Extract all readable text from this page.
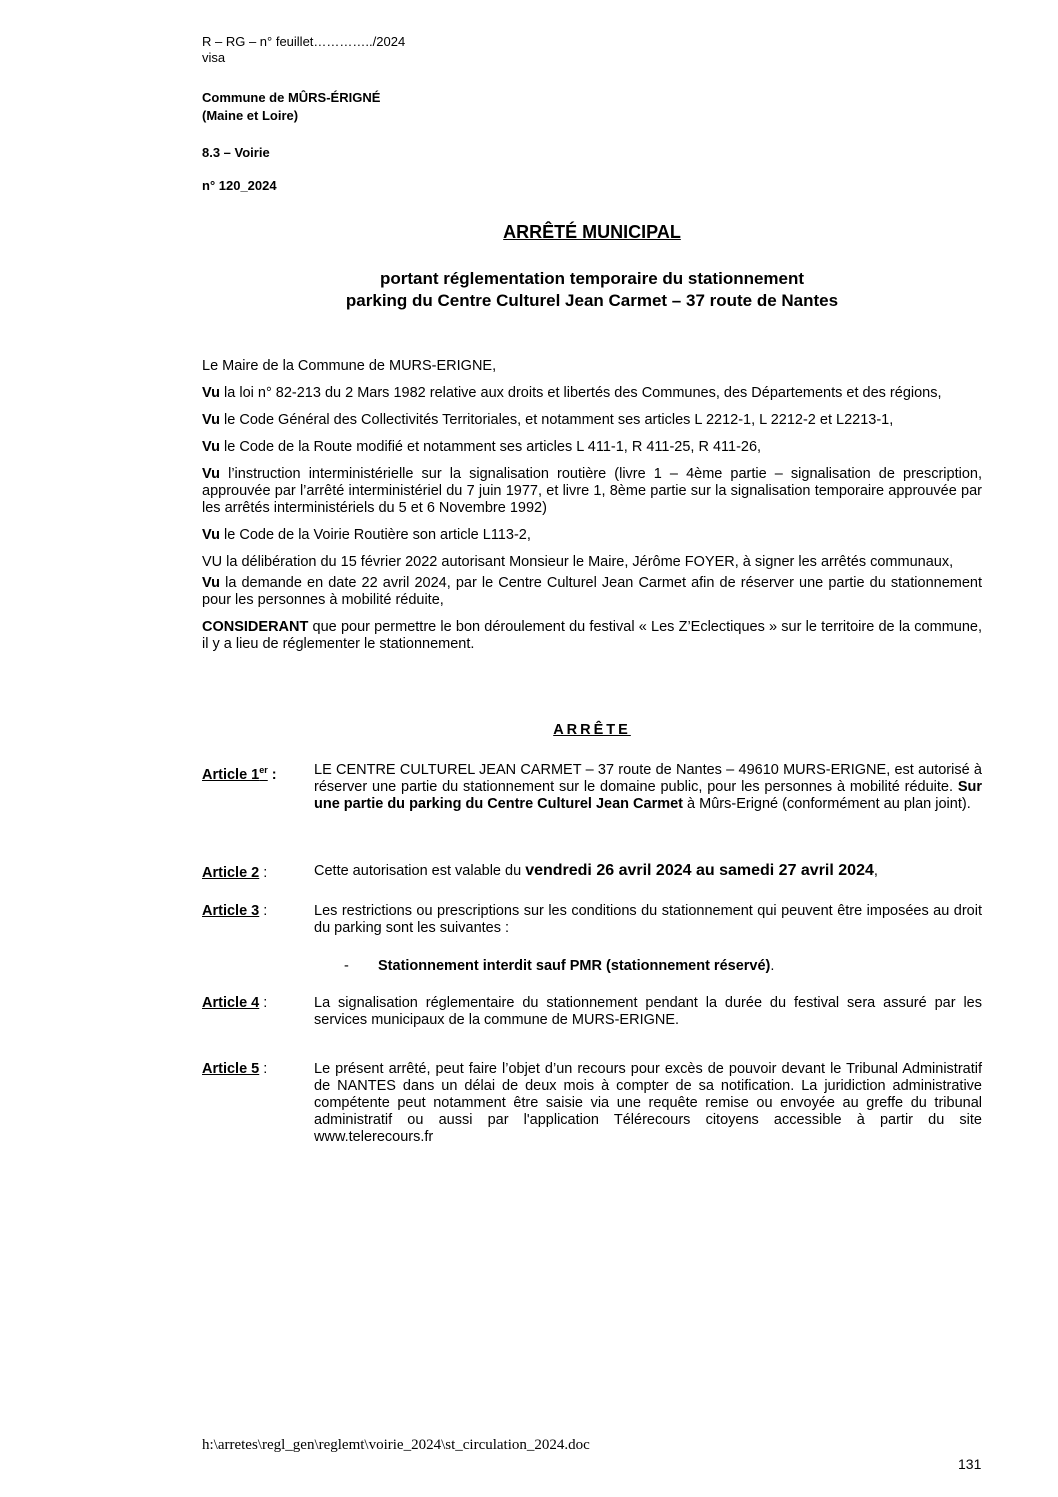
R – RG – n° feuillet…………../2024
visa
Commune de MÛRS-ÉRIGNÉ
(Maine et Loire)
8.3 – Voirie
n° 120_2024
ARRÊTÉ MUNICIPAL
portant réglementation temporaire du stationnement
parking du Centre Culturel Jean Carmet – 37 route de Nantes
Le Maire de la Commune de MURS-ERIGNE,
Vu la loi n° 82-213 du 2 Mars 1982 relative aux droits et libertés des Communes, des Départements et des régions,
Vu le Code Général des Collectivités Territoriales, et notamment ses articles L 2212-1, L 2212-2 et L2213-1,
Vu le Code de la Route modifié et notamment ses articles L 411-1, R 411-25, R 411-26,
Vu l’instruction interministérielle sur la signalisation routière (livre 1 – 4ème partie – signalisation de prescription, approuvée par l’arrêté interministériel du 7 juin 1977, et livre 1, 8ème partie sur la signalisation temporaire approuvée par les arrêtés interministériels du 5 et 6 Novembre 1992)
Vu le Code de la Voirie Routière son article L113-2,
VU la délibération du 15 février 2022 autorisant Monsieur le Maire, Jérôme FOYER, à signer les arrêtés communaux,
Vu la demande en date 22 avril 2024, par le Centre Culturel Jean Carmet afin de réserver une partie du stationnement pour les personnes à mobilité réduite,
CONSIDERANT que pour permettre le bon déroulement du festival « Les Z’Eclectiques » sur le territoire de la commune, il y a lieu de réglementer le stationnement.
ARRÊTE
Article 1er :	LE CENTRE CULTUREL JEAN CARMET – 37 route de Nantes – 49610 MURS-ERIGNE, est autorisé à réserver une partie du stationnement sur le domaine public, pour les personnes à mobilité réduite. Sur une partie du parking du Centre Culturel Jean Carmet à Mûrs-Erigné (conformément au plan joint).
Article 2 :	Cette autorisation est valable du vendredi 26 avril 2024 au samedi 27 avril 2024,
Article 3 :	Les restrictions ou prescriptions sur les conditions du stationnement qui peuvent être imposées au droit du parking sont les suivantes :
- Stationnement interdit sauf PMR (stationnement réservé).
Article 4 :	La signalisation réglementaire du stationnement pendant la durée du festival sera assuré par les services municipaux de la commune de MURS-ERIGNE.
Article 5 :	Le présent arrêté, peut faire l’objet d’un recours pour excès de pouvoir devant le Tribunal Administratif de NANTES dans un délai de deux mois à compter de sa notification. La juridiction administrative compétente peut notamment être saisie via une requête remise ou envoyée au greffe du tribunal administratif ou aussi par l'application Télérecours citoyens accessible à partir du site www.telerecours.fr
h:\arretes\regl_gen\reglemt\voirie_2024\st_circulation_2024.doc
131
